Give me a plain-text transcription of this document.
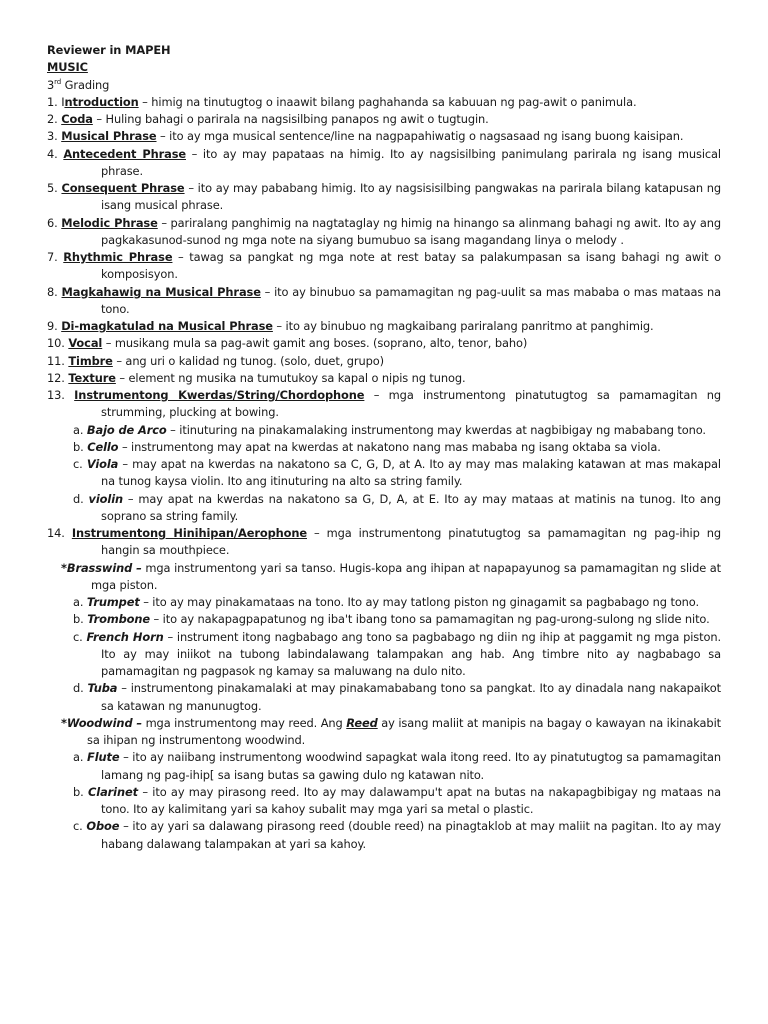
Reviewer in MAPEH
MUSIC
3rd Grading
1. Introduction – himig na tinutugtog o inaawit bilang paghahanda sa kabuuan ng pag-awit o panimula.
2. Coda – Huling bahagi o parirala na nagsisilbing panapos ng awit o tugtugin.
3. Musical Phrase – ito ay mga musical sentence/line na nagpapahiwatig o nagsasaad ng isang buong kaisipan.
4. Antecedent Phrase – ito ay may papataas na himig. Ito ay nagsisilbing panimulang parirala ng isang musical phrase.
5. Consequent Phrase – ito ay may pababang himig. Ito ay nagsisisilbing pangwakas na parirala bilang katapusan ng isang musical phrase.
6. Melodic Phrase – pariralang panghimig na nagtataglay ng himig na hinango sa alinmang bahagi ng awit. Ito ay ang pagkakasunod-sunod ng mga note na siyang bumubuo sa isang magandang linya o melody .
7. Rhythmic Phrase – tawag sa pangkat ng mga note at rest batay sa palakumpasan sa isang bahagi ng awit o komposisyon.
8. Magkahawig na Musical Phrase – ito ay binubuo sa pamamagitan ng pag-uulit sa mas mababa o mas mataas na tono.
9. Di-magkatulad na Musical Phrase – ito ay binubuo ng magkaibang pariralang panritmo at panghimig.
10. Vocal – musikang mula sa pag-awit gamit ang boses. (soprano, alto, tenor, baho)
11. Timbre – ang uri o kalidad ng tunog. (solo, duet, grupo)
12. Texture – element ng musika na tumutukoy sa kapal o nipis ng tunog.
13. Instrumentong Kwerdas/String/Chordophone – mga instrumentong pinatutugtog sa pamamagitan ng strumming, plucking at bowing.
a. Bajo de Arco – itinuturing na pinakamalaking instrumentong may kwerdas at nagbibigay ng mababang tono.
b. Cello – instrumentong may apat na kwerdas at nakatono nang mas mababa ng isang oktaba sa viola.
c. Viola – may apat na kwerdas na nakatono sa C, G, D, at A. Ito ay may mas malaking katawan at mas makapal na tunog kaysa violin. Ito ang itinuturing na alto sa string family.
d. violin – may apat na kwerdas na nakatono sa G, D, A, at E. Ito ay may mataas at matinis na tunog. Ito ang soprano sa string family.
14. Instrumentong Hinihipan/Aerophone – mga instrumentong pinatutugtog sa pamamagitan ng pag-ihip ng hangin sa mouthpiece.
*Brasswind – mga instrumentong yari sa tanso. Hugis-kopa ang ihipan at napapayunog sa pamamagitan ng slide at mga piston.
a. Trumpet – ito ay may pinakamataas na tono. Ito ay may tatlong piston ng ginagamit sa pagbabago ng tono.
b. Trombone – ito ay nakapagpapatunog ng iba't ibang tono sa pamamagitan ng pag-urong-sulong ng slide nito.
c. French Horn – instrument itong nagbabago ang tono sa pagbabago ng diin ng ihip at paggamit ng mga piston. Ito ay may iniikot na tubong labindalawang talampakan ang hab. Ang timbre nito ay nagbabago sa pamamagitan ng pagpasok ng kamay sa maluwang na dulo nito.
d. Tuba – instrumentong pinakamalaki at may pinakamababang tono sa pangkat. Ito ay dinadala nang nakapaikot sa katawan ng manunugtog.
*Woodwind – mga instrumentong may reed. Ang Reed ay isang maliit at manipis na bagay o kawayan na ikinakabit sa ihipan ng instrumentong woodwind.
a. Flute – ito ay naiibang instrumentong woodwind sapagkat wala itong reed. Ito ay pinatutugtog sa pamamagitan lamang ng pag-ihip[ sa isang butas sa gawing dulo ng katawan nito.
b. Clarinet – ito ay may pirasong reed. Ito ay may dalawampu't apat na butas na nakapagbibigay ng mataas na tono. Ito ay kalimitang yari sa kahoy subalit may mga yari sa metal o plastic.
c. Oboe – ito ay yari sa dalawang pirasong reed (double reed) na pinagtaklob at may maliit na pagitan. Ito ay may habang dalawang talampakan at yari sa kahoy.
